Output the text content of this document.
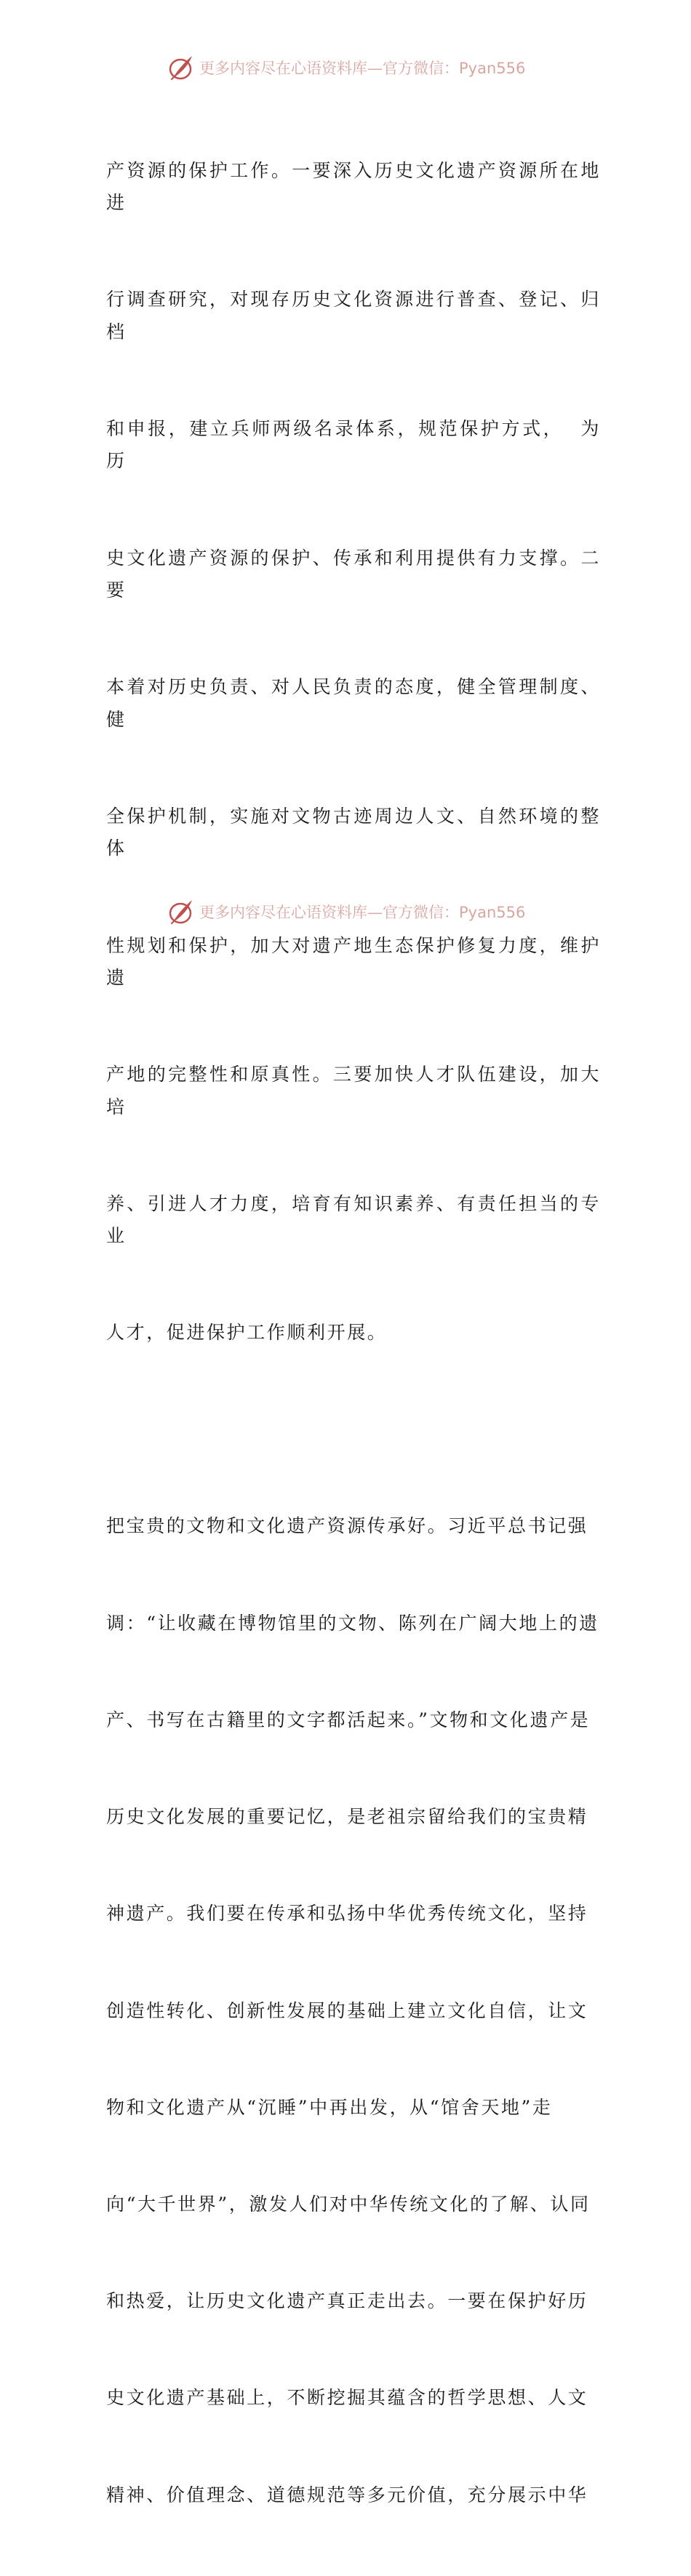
更多内容尽在心语资料库—官方微信：Pyan556

产资源的保护工作。一要深入历史文化遗产资源所在地进

行调查研究，对现存历史文化资源进行普查、登记、归档

和申报，建立兵师两级名录体系，规范保护方式，  为历

史文化遗产资源的保护、传承和利用提供有力支撑。二要

本着对历史负责、对人民负责的态度，健全管理制度、健

全保护机制，实施对文物古迹周边人文、自然环境的整体

性规划和保护，加大对遗产地生态保护修复力度，维护遗

产地的完整性和原真性。三要加快人才队伍建设，加大培

养、引进人才力度，培育有知识素养、有责任担当的专业

人才，促进保护工作顺利开展。

把宝贵的文物和文化遗产资源传承好。习近平总书记强

调：“让收藏在博物馆里的文物、陈列在广阔大地上的遗

产、书写在古籍里的文字都活起来。”文物和文化遗产是

历史文化发展的重要记忆，是老祖宗留给我们的宝贵精

神遗产。我们要在传承和弘扬中华优秀传统文化，坚持

创造性转化、创新性发展的基础上建立文化自信，让文

物和文化遗产从“沉睡”中再出发，从“馆舍天地”走

向“大千世界”，激发人们对中华传统文化的了解、认同

和热爱，让历史文化遗产真正走出去。一要在保护好历

史文化遗产基础上，不断挖掘其蕴含的哲学思想、人文

精神、价值理念、道德规范等多元价值，充分展示中华

更多内容尽在心语资料库—官方微信：Pyan556
